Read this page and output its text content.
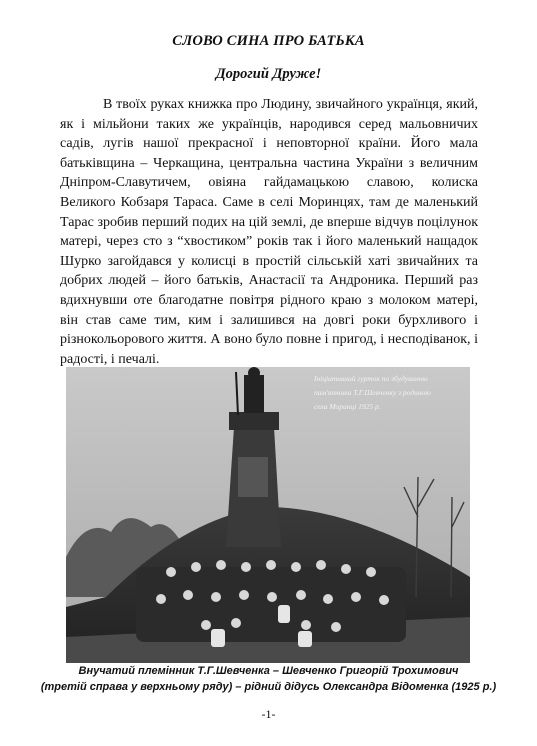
СЛОВО СИНА ПРО БАТЬКА
Дорогий Друже!

В твоїх руках книжка про Людину, звичайного українця, який, як і мільйони таких же українців, народився серед мальовничих садів, лугів нашої прекрасної і неповторної країни. Його мала батьківщина – Черкащина, центральна частина України з величним Дніпром-Славутичем, овіяна гайдамацькою славою, колиска Великого Кобзаря Тараса. Саме в селі Моринцях, там де маленький Тарас зробив перший подих на цій землі, де вперше відчув поцілунок матері, через сто з “хвостиком” років так і його маленький нащадок Шурко загойдався у колисці в простій сільській хаті звичайних та добрих людей – його батьків, Анастасії та Андроника. Перший раз вдихнувши оте благодатне повітря рідного краю з молоком матері, він став саме тим, ким і залишився на довгі роки бурхливого і різнокольорового життя. А воно було повне і пригод, і несподіванок, і радості, і печалі.

Ініціативний гурток по збудуванню
пам'ятника Т.Г.Шевченку з родиною
села Моринці 1925 р.
Внучатий племінник Т.Г.Шевченка – Шевченко Григорій Трохимович
(третій справа у верхньому ряду) – рідний дідусь Олександра Відоменка (1925 р.)
-1-
